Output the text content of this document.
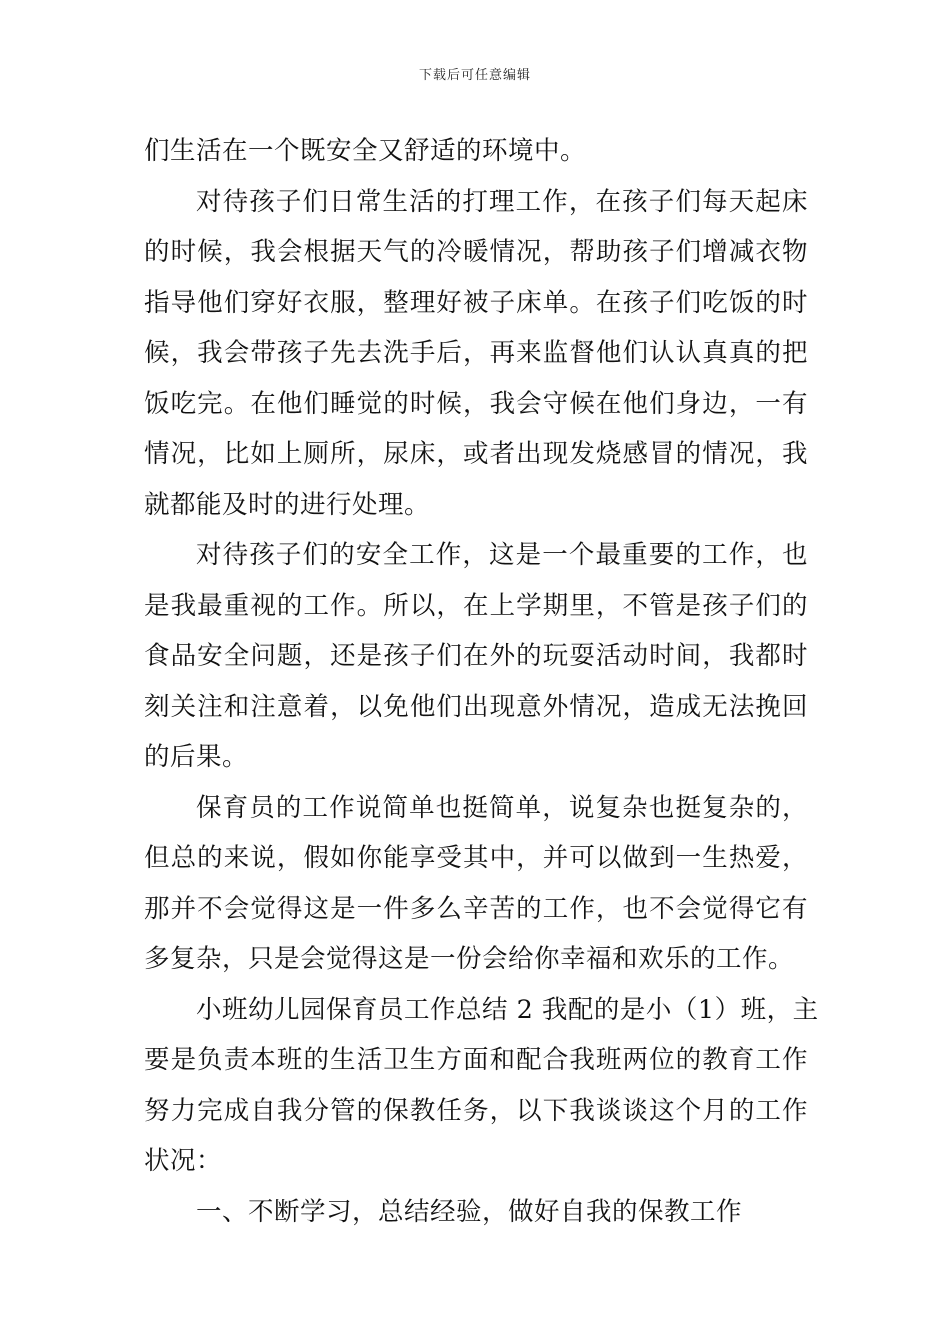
下载后可任意编辑
们生活在一个既安全又舒适的环境中。
对待孩子们日常生活的打理工作，在孩子们每天起床
的时候，我会根据天气的冷暖情况，帮助孩子们增减衣物
指导他们穿好衣服，整理好被子床单。在孩子们吃饭的时
候，我会带孩子先去洗手后，再来监督他们认认真真的把
饭吃完。在他们睡觉的时候，我会守候在他们身边，一有
情况，比如上厕所，尿床，或者出现发烧感冒的情况，我
就都能及时的进行处理。
对待孩子们的安全工作，这是一个最重要的工作，也
是我最重视的工作。所以，在上学期里，不管是孩子们的
食品安全问题，还是孩子们在外的玩耍活动时间，我都时
刻关注和注意着，以免他们出现意外情况，造成无法挽回
的后果。
保育员的工作说简单也挺简单，说复杂也挺复杂的，
但总的来说，假如你能享受其中，并可以做到一生热爱，
那并不会觉得这是一件多么辛苦的工作，也不会觉得它有
多复杂，只是会觉得这是一份会给你幸福和欢乐的工作。
小班幼儿园保育员工作总结 2 我配的是小（1）班，主
要是负责本班的生活卫生方面和配合我班两位的教育工作
努力完成自我分管的保教任务，以下我谈谈这个月的工作
状况：
一、不断学习，总结经验，做好自我的保教工作
